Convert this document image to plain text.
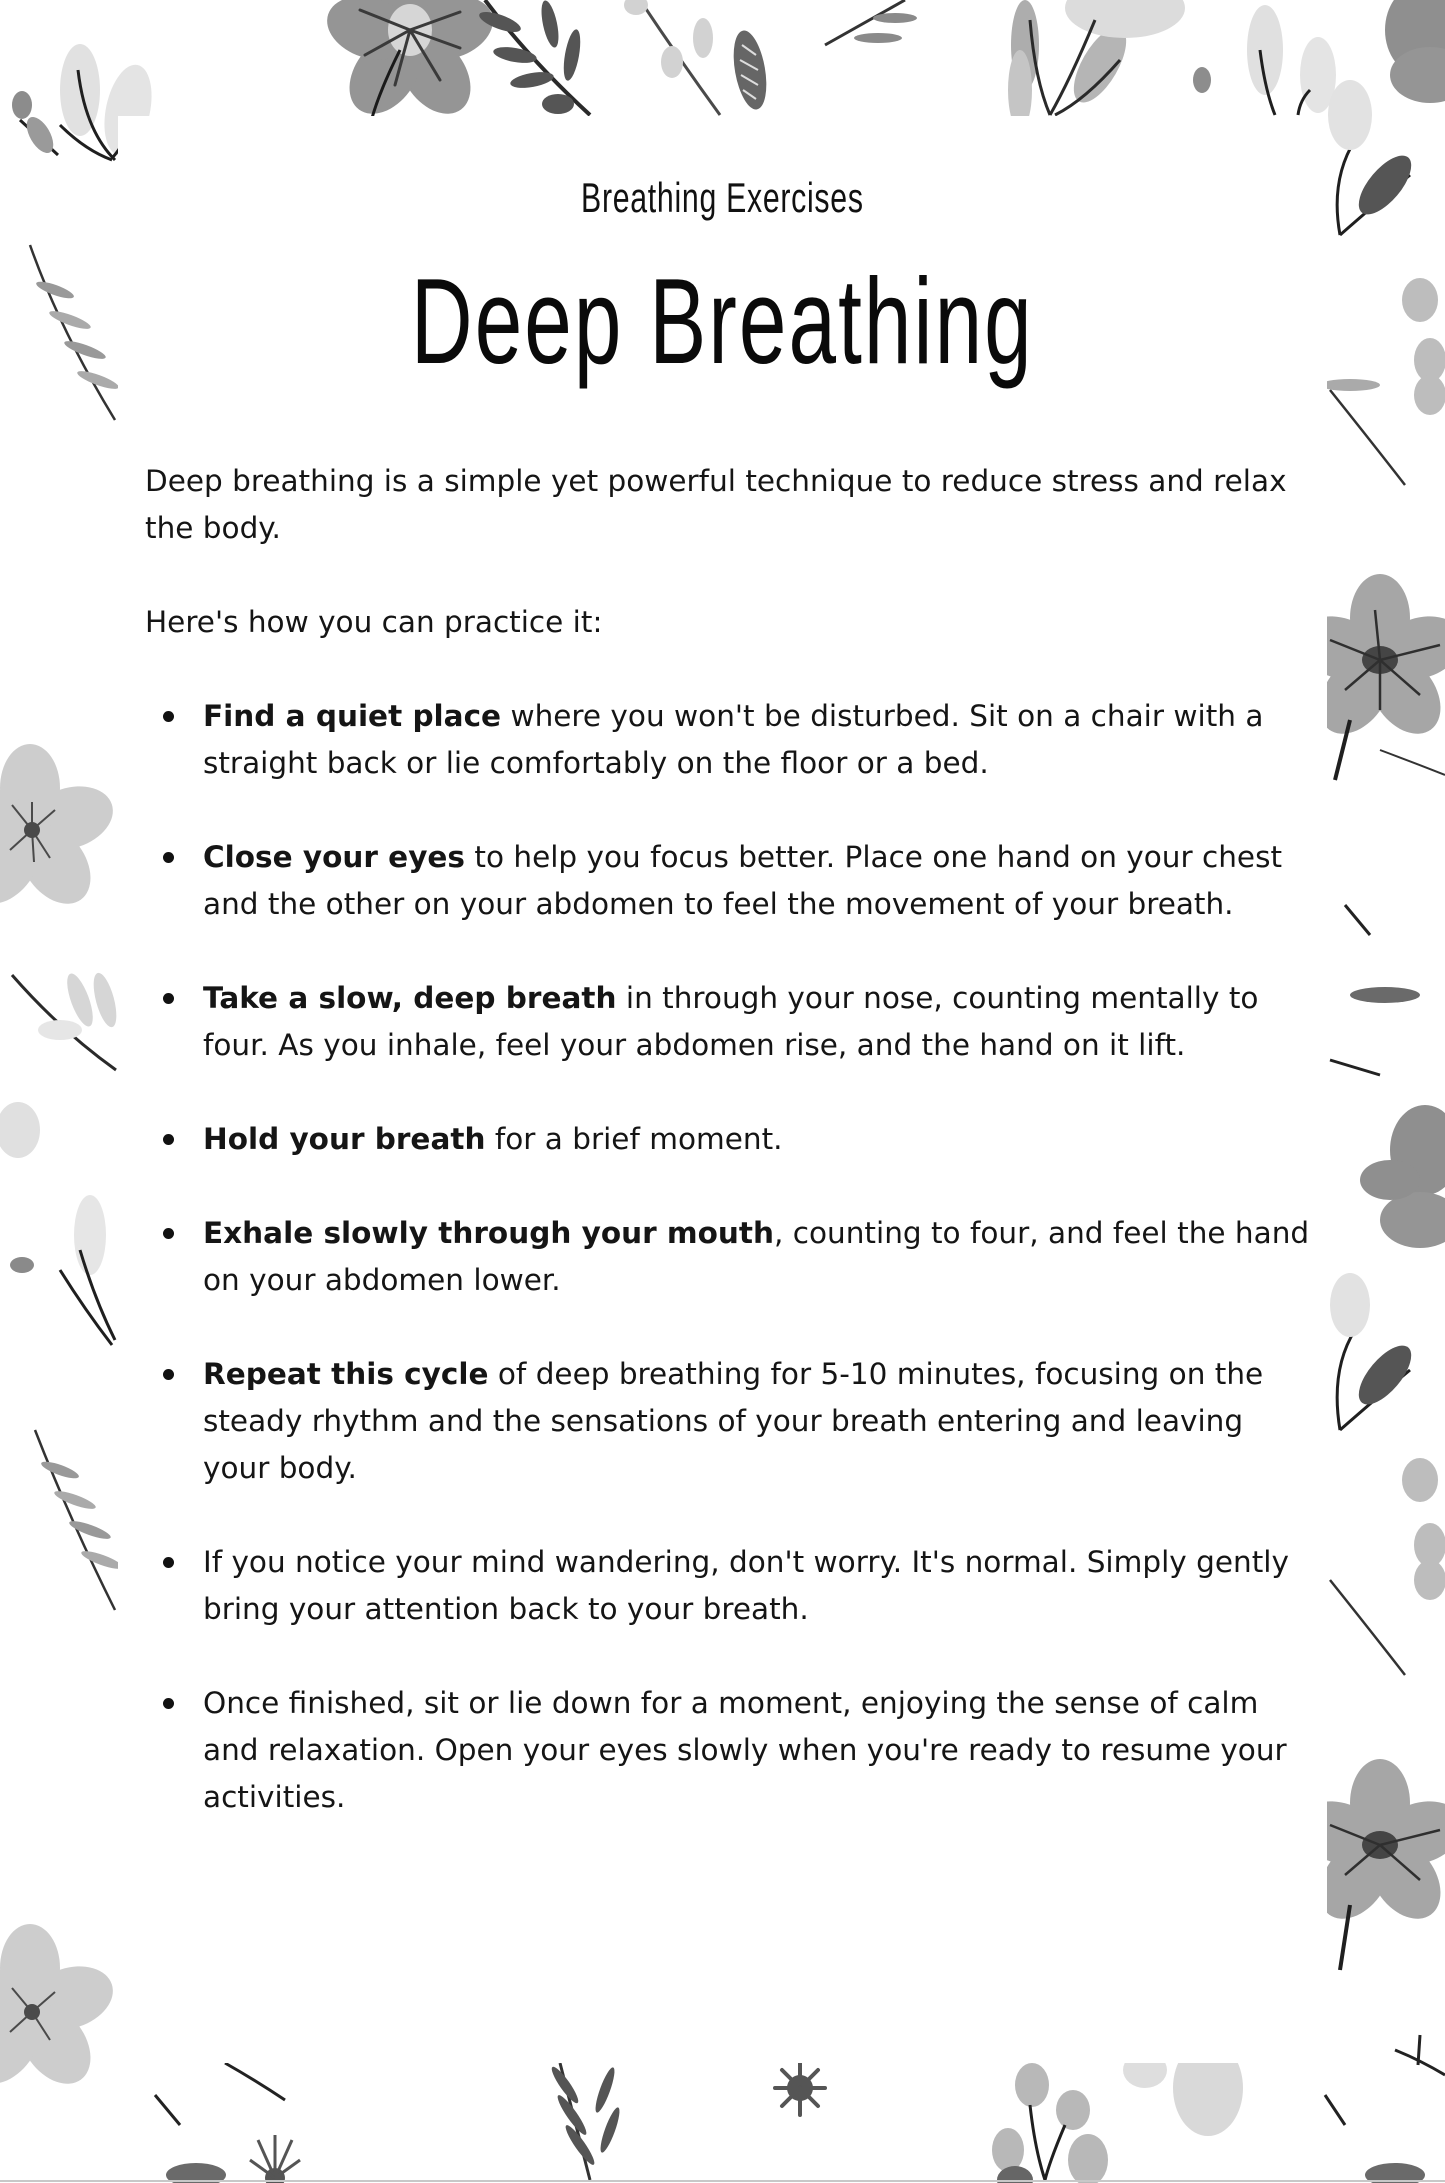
Breathing Exercises
Deep Breathing

Deep breathing is a simple yet powerful technique to reduce stress and relax the body.

Here's how you can practice it:

Find a quiet place where you won't be disturbed. Sit on a chair with a straight back or lie comfortably on the floor or a bed.
Close your eyes to help you focus better. Place one hand on your chest and the other on your abdomen to feel the movement of your breath.
Take a slow, deep breath in through your nose, counting mentally to four. As you inhale, feel your abdomen rise, and the hand on it lift.
Hold your breath for a brief moment.
Exhale slowly through your mouth, counting to four, and feel the hand on your abdomen lower.
Repeat this cycle of deep breathing for 5-10 minutes, focusing on the steady rhythm and the sensations of your breath entering and leaving your body.
If you notice your mind wandering, don't worry. It's normal. Simply gently bring your attention back to your breath.
Once finished, sit or lie down for a moment, enjoying the sense of calm and relaxation. Open your eyes slowly when you're ready to resume your activities.
